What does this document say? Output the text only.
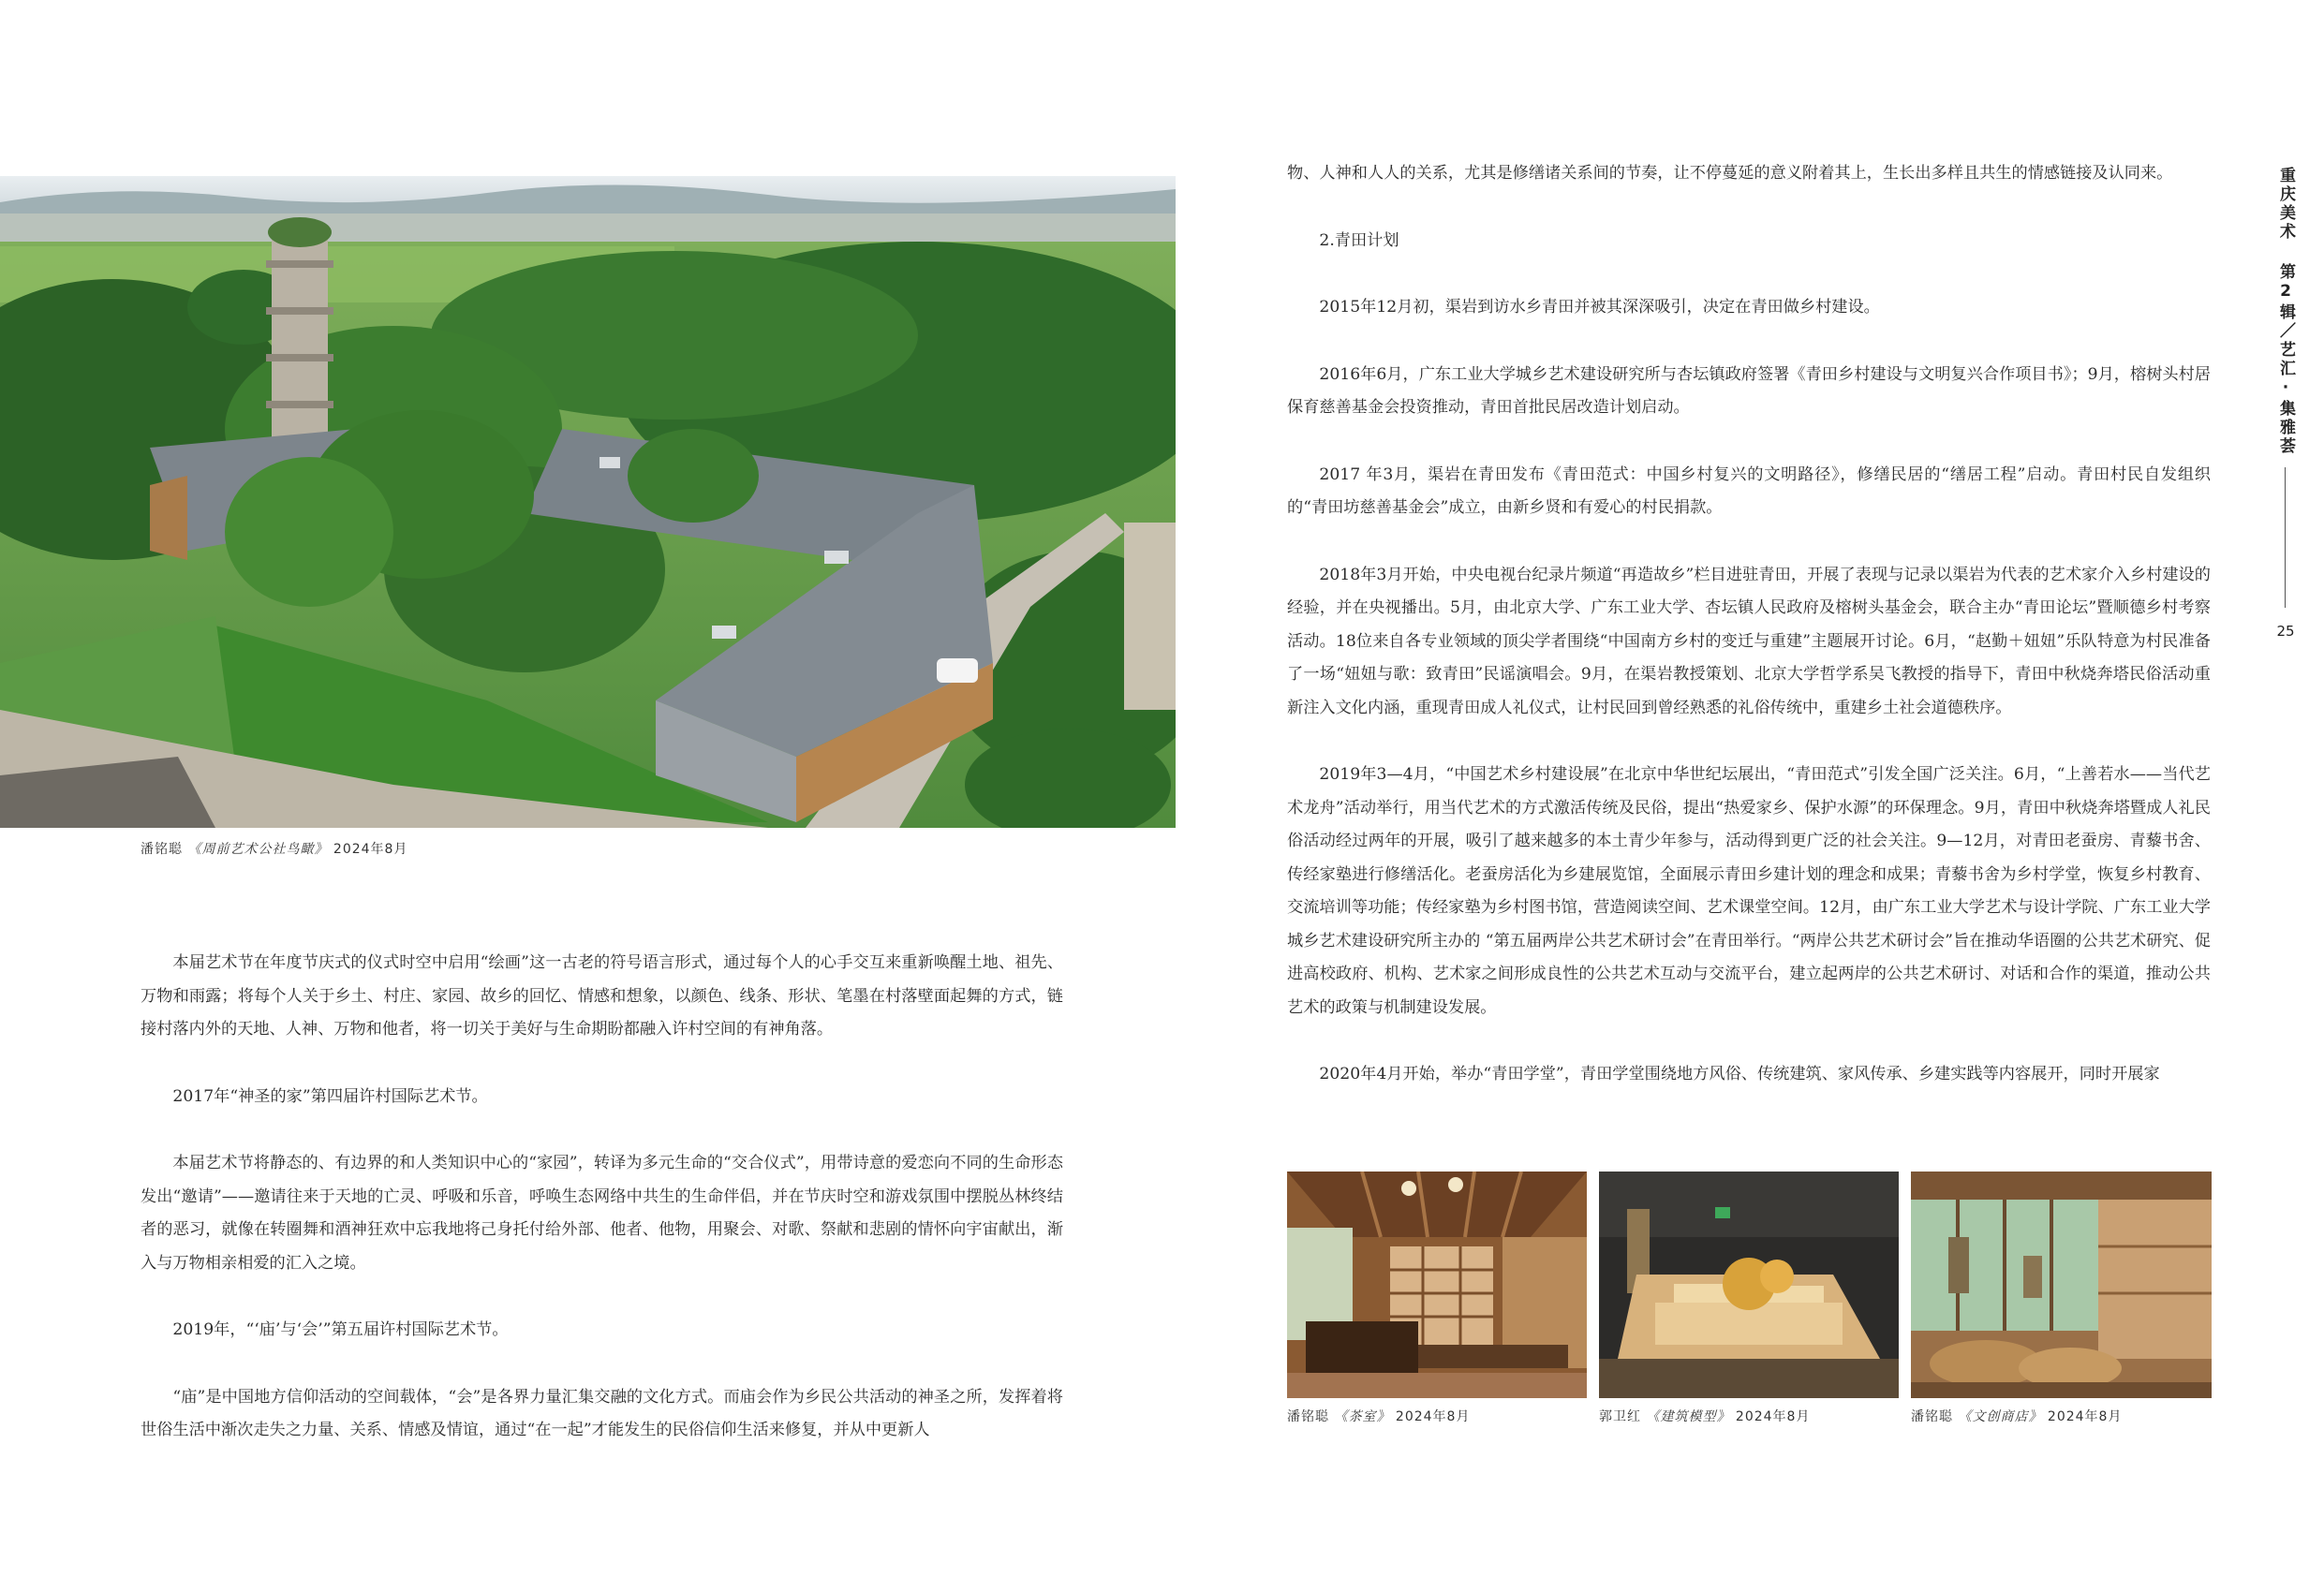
潘铭聪 《周前艺术公社鸟瞰》 2024年8月

本届艺术节在年度节庆式的仪式时空中启用“绘画”这一古老的符号语言形式，通过每个人的心手交互来重新唤醒土地、祖先、万物和雨露；将每个人关于乡土、村庄、家园、故乡的回忆、情感和想象，以颜色、线条、形状、笔墨在村落壁面起舞的方式，链接村落内外的天地、人神、万物和他者，将一切关于美好与生命期盼都融入许村空间的有神角落。

2017年“神圣的家”第四届许村国际艺术节。

本届艺术节将静态的、有边界的和人类知识中心的“家园”，转译为多元生命的“交合仪式”，用带诗意的爱恋向不同的生命形态发出“邀请”——邀请往来于天地的亡灵、呼吸和乐音，呼唤生态网络中共生的生命伴侣，并在节庆时空和游戏氛围中摆脱丛林终结者的恶习，就像在转圈舞和酒神狂欢中忘我地将己身托付给外部、他者、他物，用聚会、对歌、祭献和悲剧的情怀向宇宙献出，渐入与万物相亲相爱的汇入之境。

2019年，“‘庙’与‘会’”第五届许村国际艺术节。

“庙”是中国地方信仰活动的空间载体，“会”是各界力量汇集交融的文化方式。而庙会作为乡民公共活动的神圣之所，发挥着将世俗生活中渐次走失之力量、关系、情感及情谊，通过“在一起”才能发生的民俗信仰生活来修复，并从中更新人

物、人神和人人的关系，尤其是修缮诸关系间的节奏，让不停蔓延的意义附着其上，生长出多样且共生的情感链接及认同来。

2.青田计划

2015年12月初，渠岩到访水乡青田并被其深深吸引，决定在青田做乡村建设。

2016年6月，广东工业大学城乡艺术建设研究所与杏坛镇政府签署《青田乡村建设与文明复兴合作项目书》；9月，榕树头村居保育慈善基金会投资推动，青田首批民居改造计划启动。

2017 年3月，渠岩在青田发布《青田范式：中国乡村复兴的文明路径》，修缮民居的“缮居工程”启动。青田村民自发组织的“青田坊慈善基金会”成立，由新乡贤和有爱心的村民捐款。

2018年3月开始，中央电视台纪录片频道“再造故乡”栏目进驻青田，开展了表现与记录以渠岩为代表的艺术家介入乡村建设的经验，并在央视播出。5月，由北京大学、广东工业大学、杏坛镇人民政府及榕树头基金会，联合主办“青田论坛”暨顺德乡村考察活动。18位来自各专业领域的顶尖学者围绕“中国南方乡村的变迁与重建”主题展开讨论。6月，“赵勤＋妞妞”乐队特意为村民准备了一场“妞妞与歌：致青田”民谣演唱会。9月，在渠岩教授策划、北京大学哲学系吴飞教授的指导下，青田中秋烧奔塔民俗活动重新注入文化内涵，重现青田成人礼仪式，让村民回到曾经熟悉的礼俗传统中，重建乡土社会道德秩序。

2019年3—4月，“中国艺术乡村建设展”在北京中华世纪坛展出，“青田范式”引发全国广泛关注。6月，“上善若水——当代艺术龙舟”活动举行，用当代艺术的方式激活传统及民俗，提出“热爱家乡、保护水源”的环保理念。9月，青田中秋烧奔塔暨成人礼民俗活动经过两年的开展，吸引了越来越多的本土青少年参与，活动得到更广泛的社会关注。9—12月，对青田老蚕房、青藜书舍、传经家塾进行修缮活化。老蚕房活化为乡建展览馆，全面展示青田乡建计划的理念和成果；青藜书舍为乡村学堂，恢复乡村教育、交流培训等功能；传经家塾为乡村图书馆，营造阅读空间、艺术课堂空间。12月，由广东工业大学艺术与设计学院、广东工业大学城乡艺术建设研究所主办的 “第五届两岸公共艺术研讨会”在青田举行。“两岸公共艺术研讨会”旨在推动华语圈的公共艺术研究、促进高校政府、机构、艺术家之间形成良性的公共艺术互动与交流平台，建立起两岸的公共艺术研讨、对话和合作的渠道，推动公共艺术的政策与机制建设发展。

2020年4月开始，举办“青田学堂”，青田学堂围绕地方风俗、传统建筑、家风传承、乡建实践等内容展开，同时开展家

潘铭聪 《茶室》 2024年8月	郭卫红 《建筑模型》 2024年8月	潘铭聪 《文创商店》 2024年8月
重庆美术 第2辑／艺汇·集雅荟
25
